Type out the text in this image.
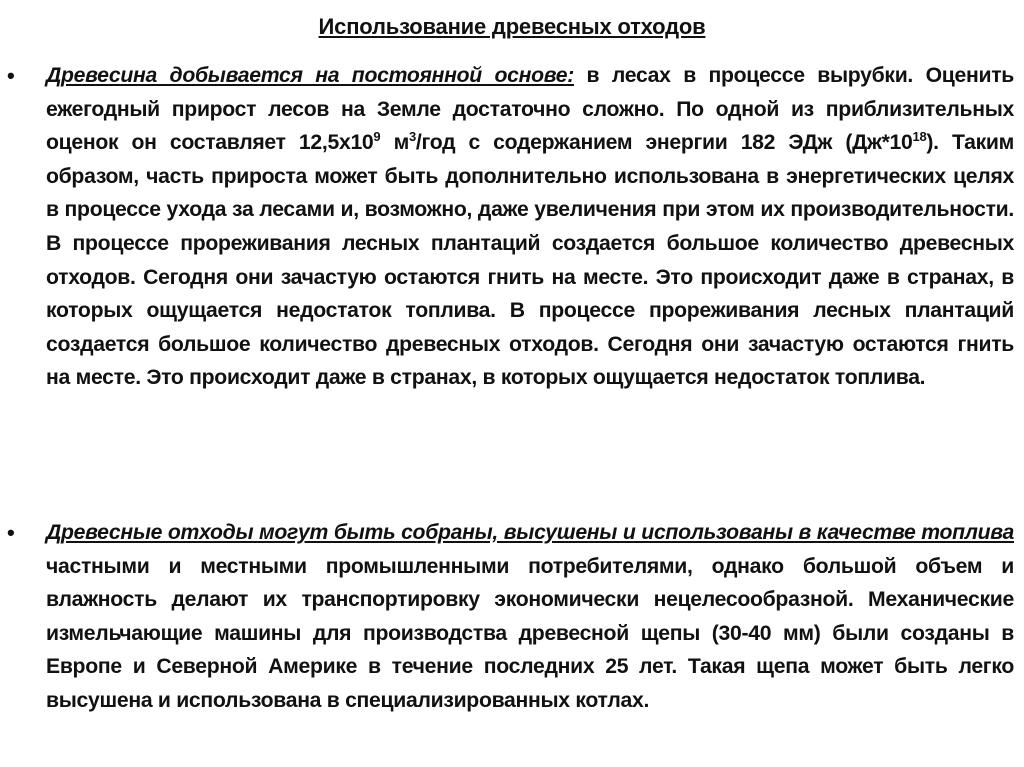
Использование древесных отходов
• Древесина добывается на постоянной основе: в лесах в процессе вырубки. Оценить ежегодный прирост лесов на Земле достаточно сложно. По одной из приблизительных оценок он составляет $12,5х10^9$ $м^3$/год с содержанием энергии 182 ЭДж $(Дж*10^{18})$. Таким образом, часть прироста может быть дополнительно использована в энергетических целях в процессе ухода за лесами и, возможно, даже увеличения при этом их производительности. В процессе прореживания лесных плантаций создается большое количество древесных отходов. Сегодня они зачастую остаются гнить на месте. Это происходит даже в странах, в которых ощущается недостаток топлива. В процессе прореживания лесных плантаций создается большое количество древесных отходов. Сегодня они зачастую остаются гнить на месте. Это происходит даже в странах, в которых ощущается недостаток топлива.
• Древесные отходы могут быть собраны, высушены и использованы в качестве топлива частными и местными промышленными потребителями, однако большой объем и влажность делают их транспортировку экономически нецелесообразной. Механические измельчающие машины для производства древесной щепы (30-40 мм) были созданы в Европе и Северной Америке в течение последних 25 лет. Такая щепа может быть легко высушена и использована в специализированных котлах.
